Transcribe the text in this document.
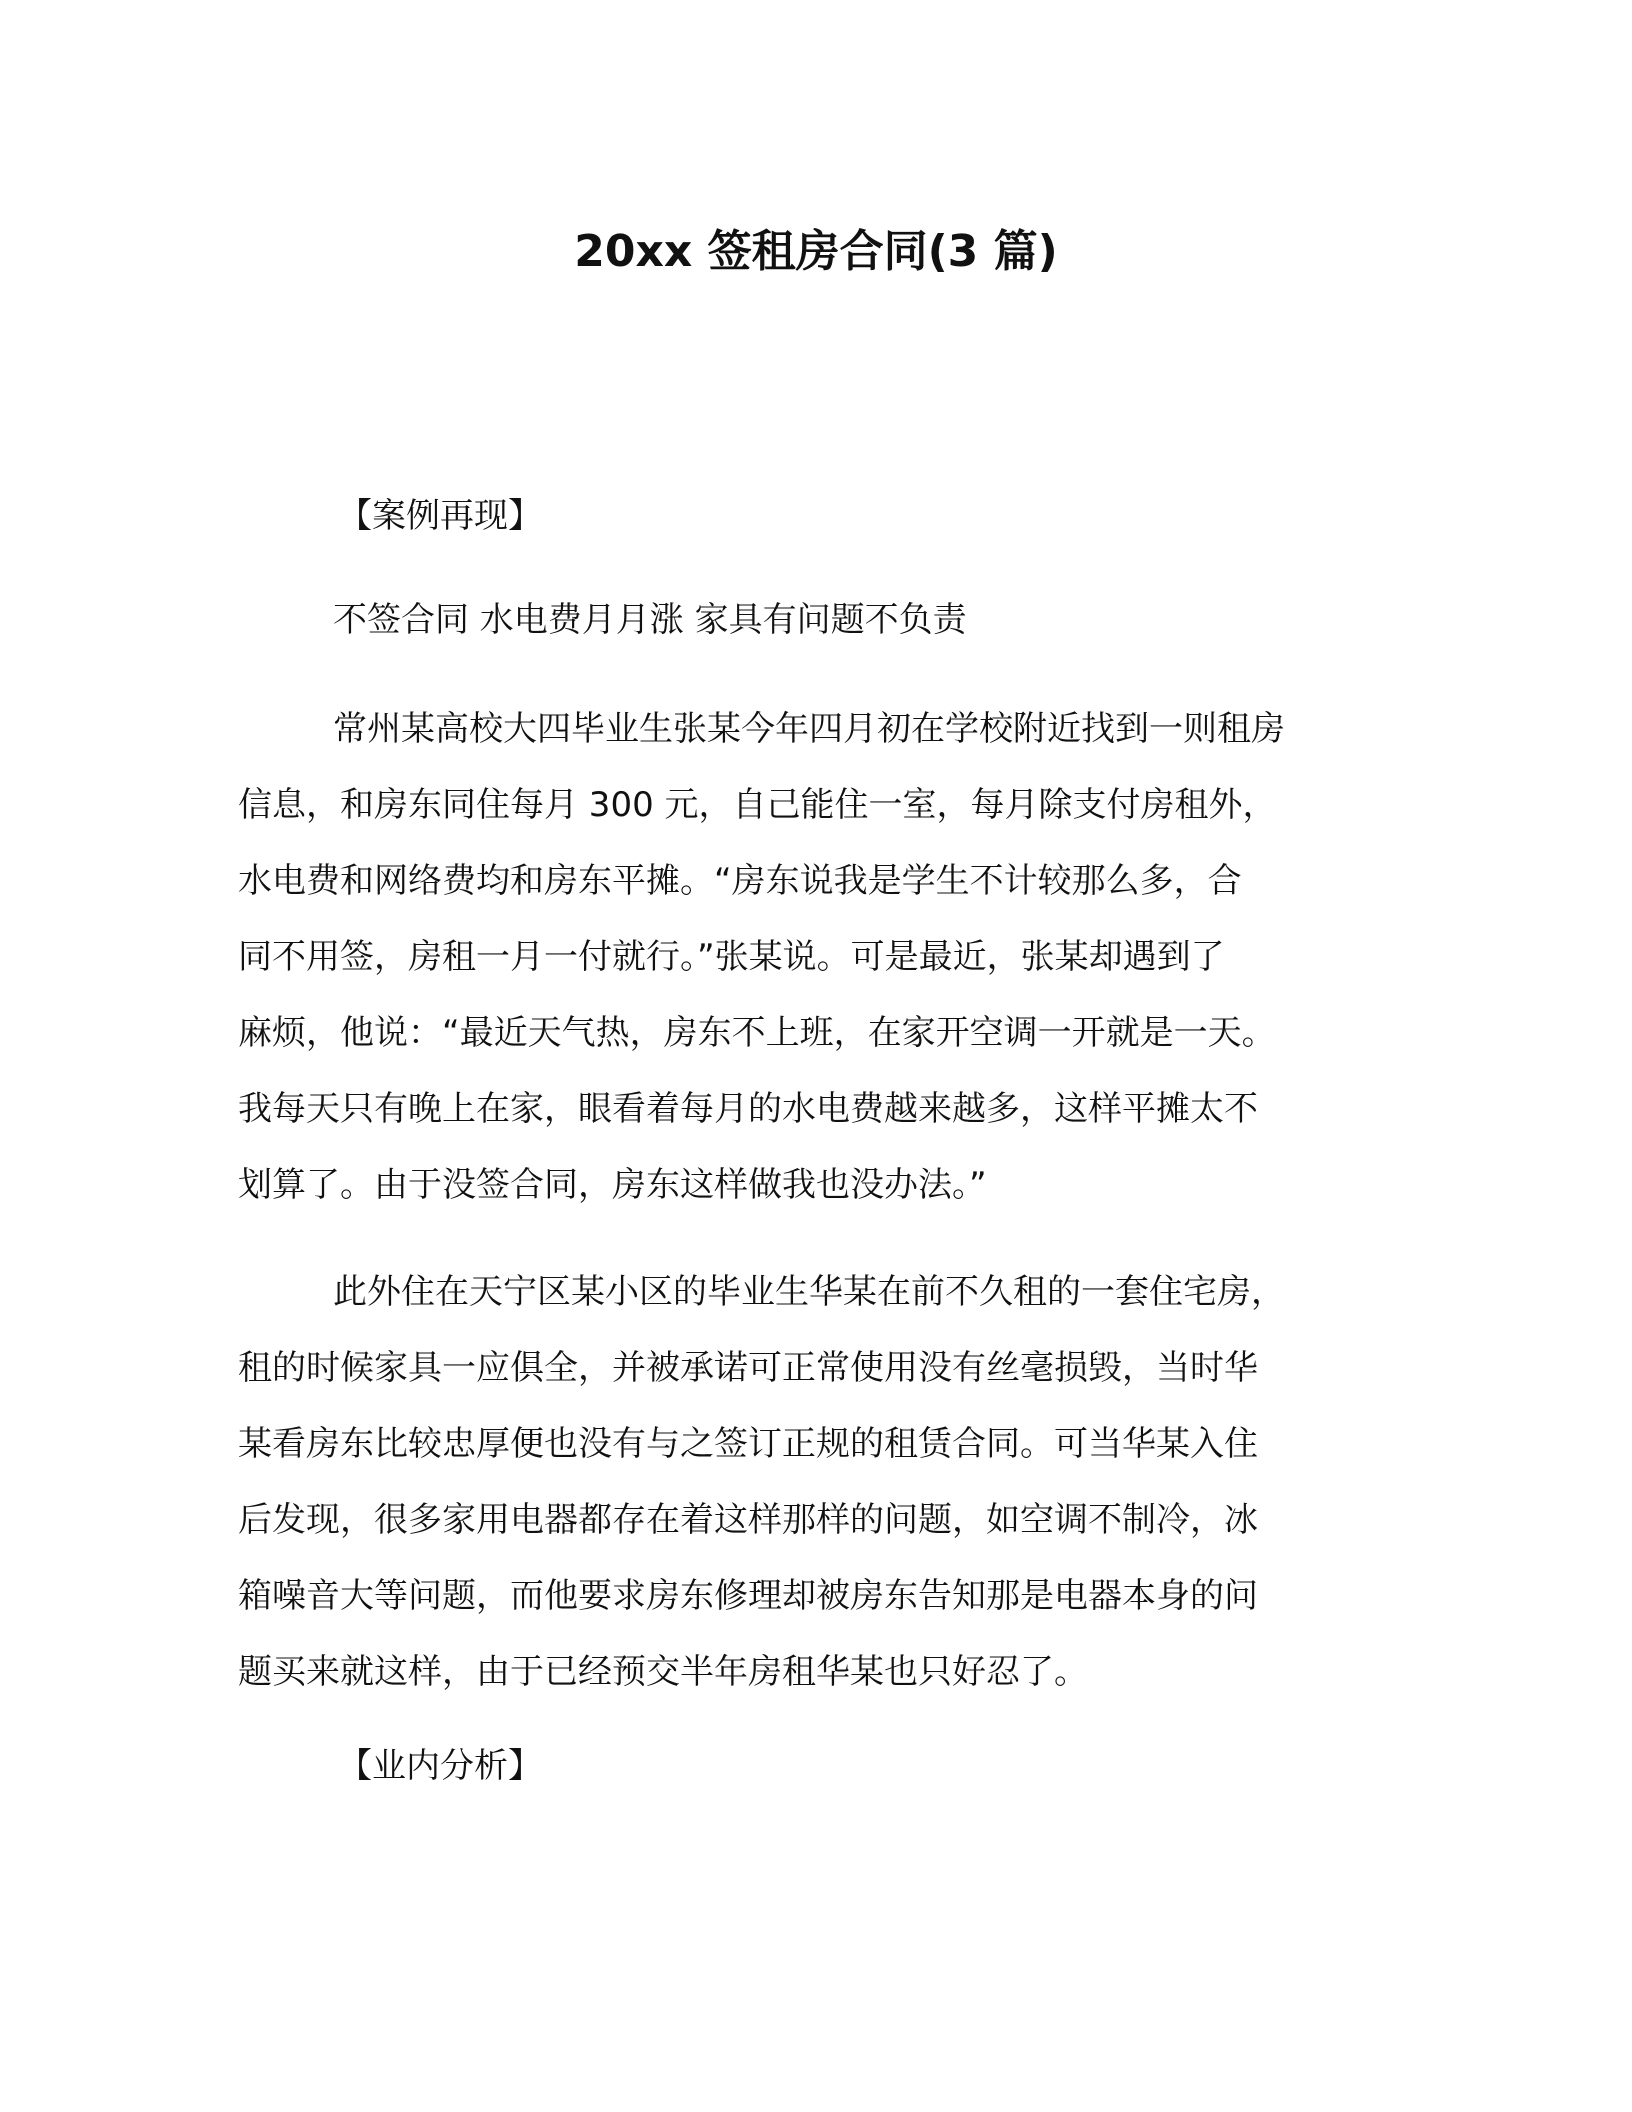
20xx 签租房合同(3 篇)
【案例再现】
不签合同 水电费月月涨 家具有问题不负责
常州某高校大四毕业生张某今年四月初在学校附近找到一则租房
信息，和房东同住每月 300 元，自己能住一室，每月除支付房租外，
水电费和网络费均和房东平摊。“房东说我是学生不计较那么多，合
同不用签，房租一月一付就行。”张某说。可是最近，张某却遇到了
麻烦，他说：“最近天气热，房东不上班，在家开空调一开就是一天。
我每天只有晚上在家，眼看着每月的水电费越来越多，这样平摊太不
划算了。由于没签合同，房东这样做我也没办法。”
此外住在天宁区某小区的毕业生华某在前不久租的一套住宅房，
租的时候家具一应俱全，并被承诺可正常使用没有丝毫损毁，当时华
某看房东比较忠厚便也没有与之签订正规的租赁合同。可当华某入住
后发现，很多家用电器都存在着这样那样的问题，如空调不制冷，冰
箱噪音大等问题，而他要求房东修理却被房东告知那是电器本身的问
题买来就这样，由于已经预交半年房租华某也只好忍了。
【业内分析】
